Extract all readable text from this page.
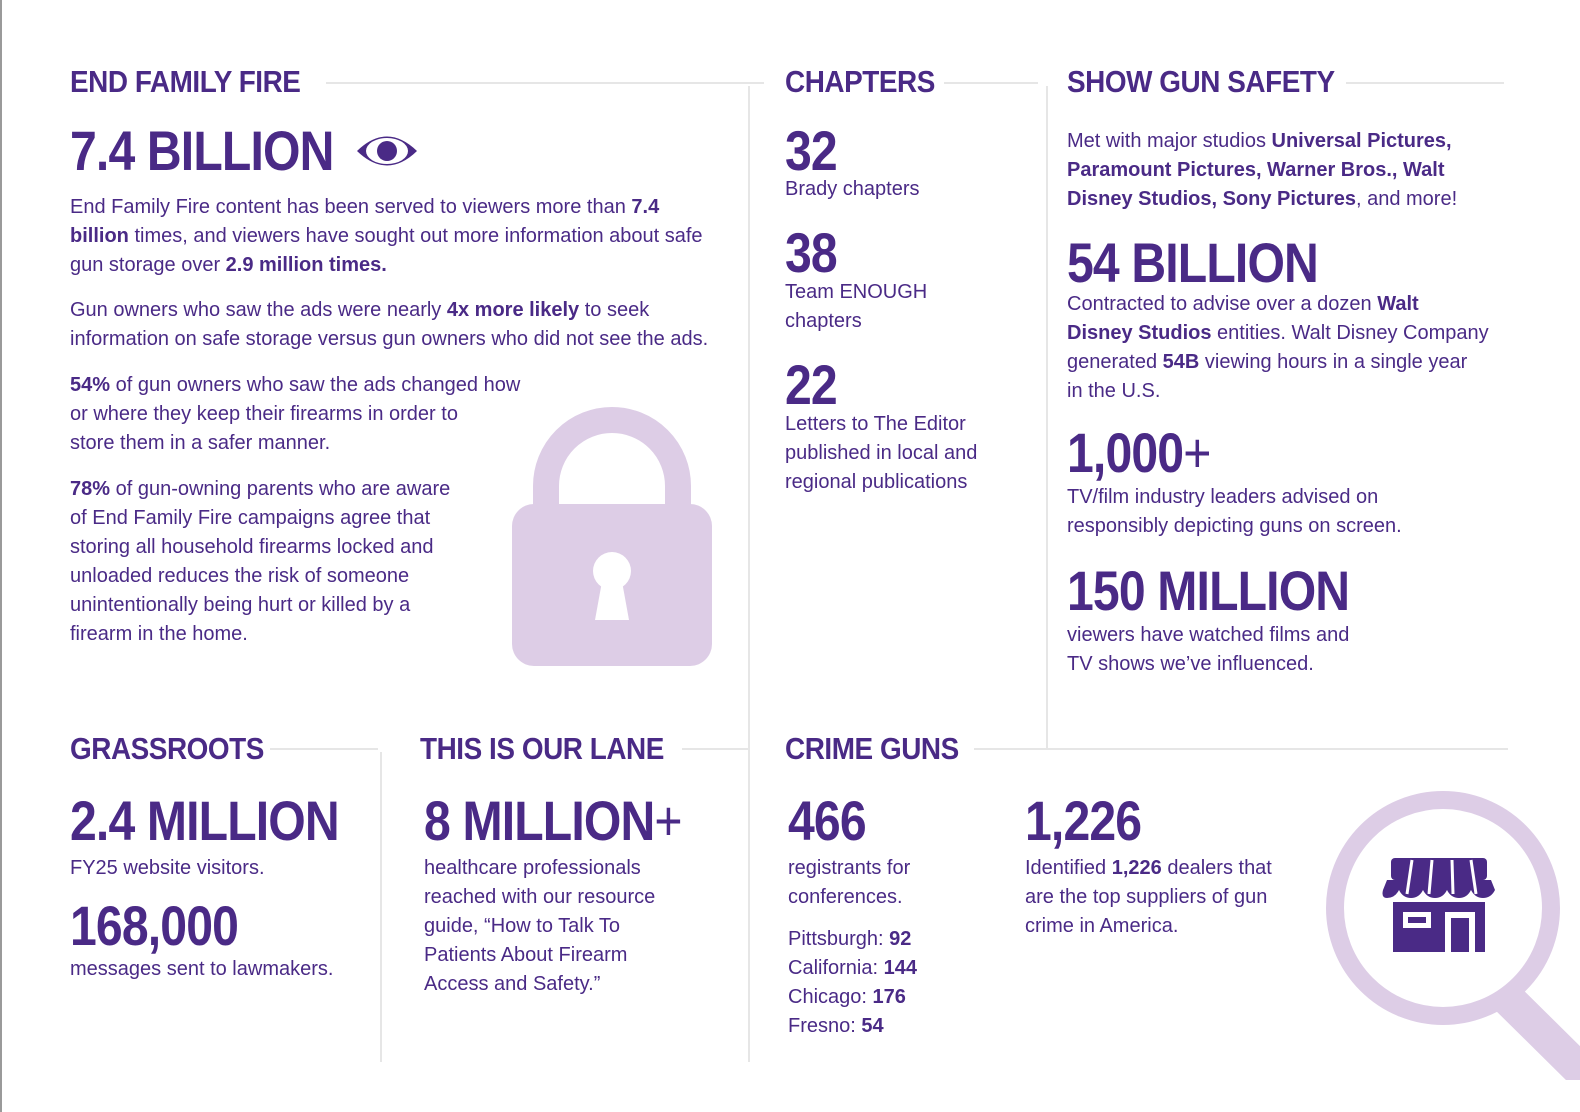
END FAMILY FIRE
7.4 BILLION
End Family Fire content has been served to viewers more than 7.4
billion times, and viewers have sought out more information about safe
gun storage over 2.9 million times.
Gun owners who saw the ads were nearly 4x more likely to seek
information on safe storage versus gun owners who did not see the ads.
54% of gun owners who saw the ads changed how
or where they keep their firearms in order to
store them in a safer manner.
78% of gun-owning parents who are aware
of End Family Fire campaigns agree that
storing all household firearms locked and
unloaded reduces the risk of someone
unintentionally being hurt or killed by a
firearm in the home.
CHAPTERS
32
Brady chapters
38
Team ENOUGH
chapters
22
Letters to The Editor
published in local and
regional publications
SHOW GUN SAFETY
Met with major studios Universal Pictures,
Paramount Pictures, Warner Bros., Walt
Disney Studios, Sony Pictures, and more!
54 BILLION
Contracted to advise over a dozen Walt
Disney Studios entities. Walt Disney Company
generated 54B viewing hours in a single year
in the U.S.
1,000+
TV/film industry leaders advised on
responsibly depicting guns on screen.
150 MILLION
viewers have watched films and
TV shows we’ve influenced.
GRASSROOTS
2.4 MILLION
FY25 website visitors.
168,000
messages sent to lawmakers.
THIS IS OUR LANE
8 MILLION+
healthcare professionals
reached with our resource
guide, “How to Talk To
Patients About Firearm
Access and Safety.”
CRIME GUNS
466
registrants for
conferences.
Pittsburgh: 92
California: 144
Chicago: 176
Fresno: 54
1,226
Identified 1,226 dealers that
are the top suppliers of gun
crime in America.
